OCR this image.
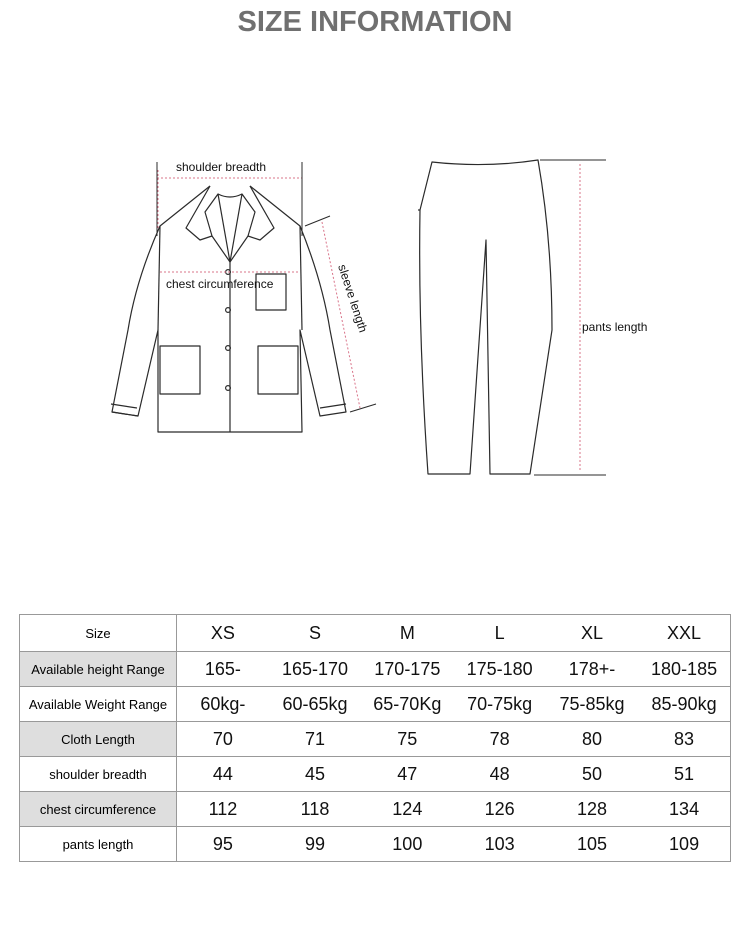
SIZE INFORMATION
shoulder breadth
chest circumference	sleeve length	pants length
Size	XS	S	M	L	XL	XXL
Available height Range	165-	165-170	170-175	175-180	178+-	180-185
Available Weight Range	60kg-	60-65kg	65-70Kg	70-75kg	75-85kg	85-90kg
Cloth Length	70	71	75	78	80	83
shoulder breadth	44	45	47	48	50	51
chest circumference	112	118	124	126	128	134
pants length	95	99	100	103	105	109
